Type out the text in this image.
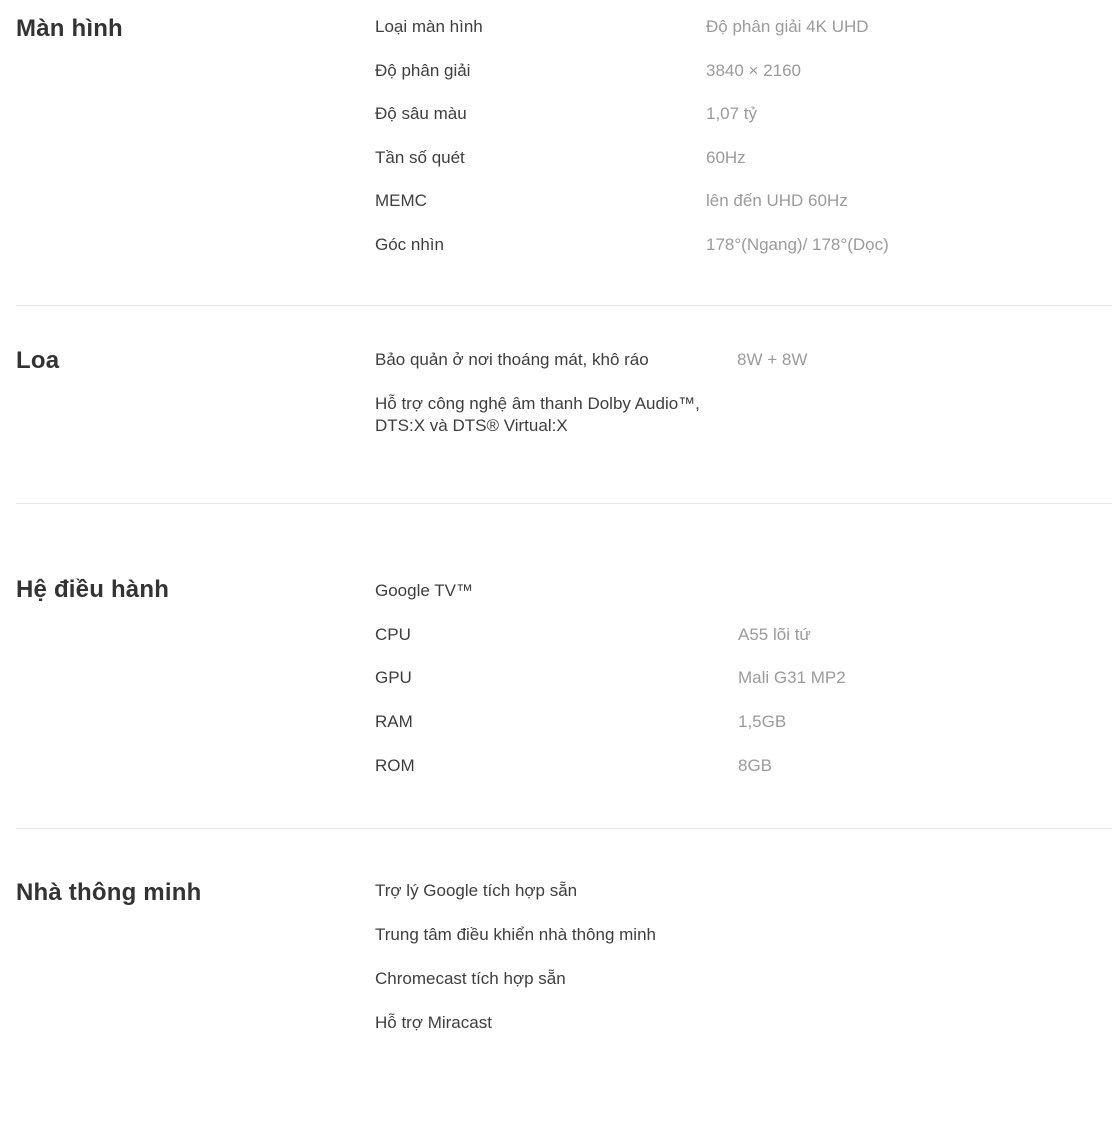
Màn hình	Loại màn hình	Độ phân giải 4K UHD
Độ phân giải	3840 × 2160
Độ sâu màu	1,07 tỷ
Tần số quét	60Hz
MEMC	lên đến UHD 60Hz
Góc nhìn	178°(Ngang)/ 178°(Dọc)
Loa	Bảo quản ở nơi thoáng mát, khô ráo	8W + 8W
Hỗ trợ công nghệ âm thanh Dolby Audio™,
DTS:X và DTS® Virtual:X
Hệ điều hành	Google TV™
CPU	A55 lõi tứ
GPU	Mali G31 MP2
RAM	1,5GB
ROM	8GB
Nhà thông minh	Trợ lý Google tích hợp sẵn
Trung tâm điều khiển nhà thông minh
Chromecast tích hợp sẵn
Hỗ trợ Miracast
